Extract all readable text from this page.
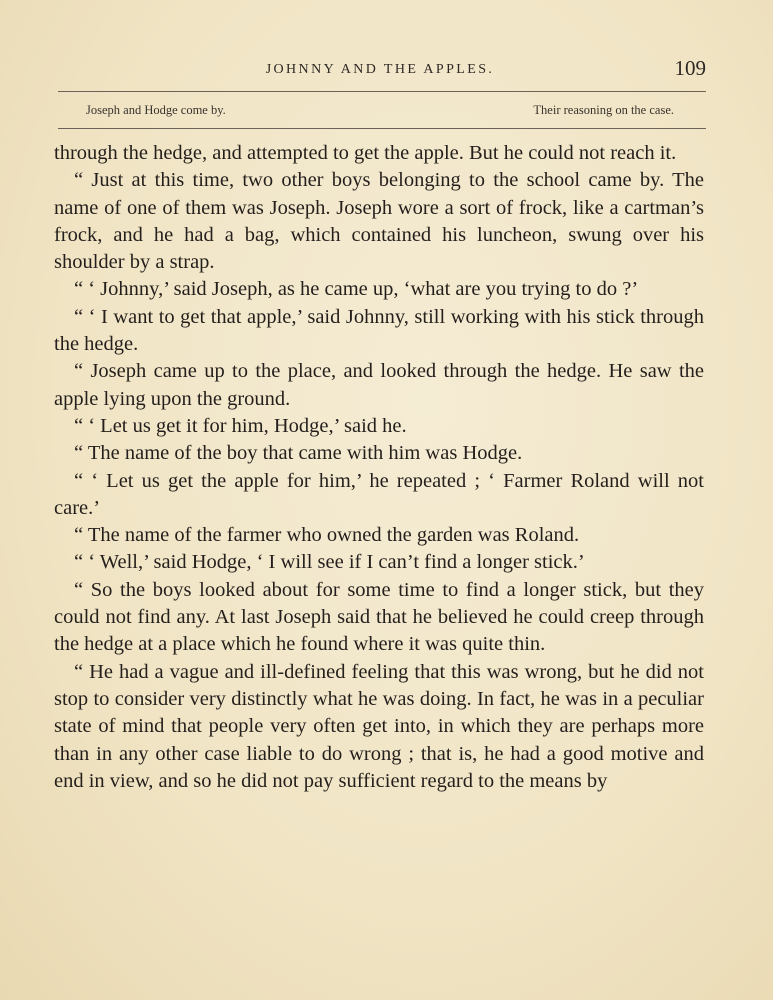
JOHNNY AND THE APPLES.	109
Joseph and Hodge come by.	Their reasoning on the case.

through the hedge, and attempted to get the apple. But he could not reach it.

“ Just at this time, two other boys belonging to the school came by. The name of one of them was Joseph. Joseph wore a sort of frock, like a cartman’s frock, and he had a bag, which contained his luncheon, swung over his shoulder by a strap.

“ ‘ Johnny,’ said Joseph, as he came up, ‘what are you trying to do ?’

“ ‘ I want to get that apple,’ said Johnny, still working with his stick through the hedge.

“ Joseph came up to the place, and looked through the hedge. He saw the apple lying upon the ground.

“ ‘ Let us get it for him, Hodge,’ said he.

“ The name of the boy that came with him was Hodge.

“ ‘ Let us get the apple for him,’ he repeated ; ‘ Farmer Roland will not care.’

“ The name of the farmer who owned the garden was Roland.

“ ‘ Well,’ said Hodge, ‘ I will see if I can’t find a longer stick.’

“ So the boys looked about for some time to find a longer stick, but they could not find any. At last Joseph said that he believed he could creep through the hedge at a place which he found where it was quite thin.

“ He had a vague and ill-defined feeling that this was wrong, but he did not stop to consider very distinctly what he was doing. In fact, he was in a peculiar state of mind that people very often get into, in which they are perhaps more than in any other case liable to do wrong ; that is, he had a good motive and end in view, and so he did not pay sufficient regard to the means by
